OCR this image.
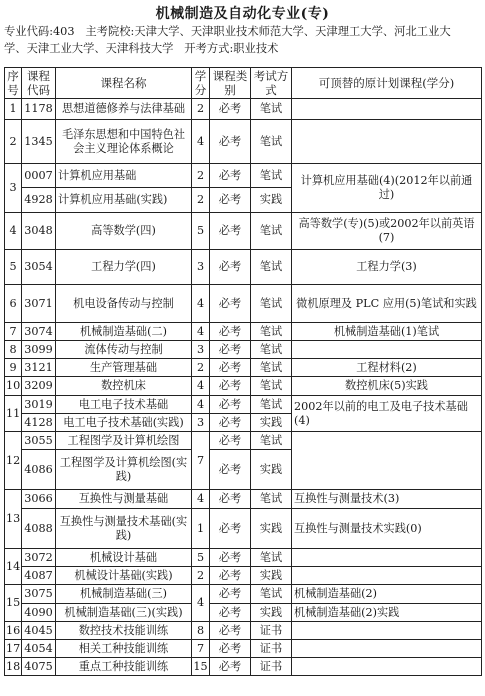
机械制造及自动化专业(专)
专业代码:403 主考院校:天津大学、天津职业技术师范大学、天津理工大学、河北工业大
学、天津工业大学、天津科技大学 开考方式:职业技术
序号	课程代码	课程名称	学分	课程类别	考试方式	可顶替的原计划课程(学分)
1	1178	思想道德修养与法律基础	2	必考	笔试	
2	1345	毛泽东思想和中国特色社会主义理论体系概论	4	必考	笔试	
3	0007	计算机应用基础	2	必考	笔试	计算机应用基础(4)(2012年以前通过)
	4928	计算机应用基础(实践)	2	必考	实践	
4	3048	高等数学(四)	5	必考	笔试	高等数学(专)(5)或2002年以前英语(7)
5	3054	工程力学(四)	3	必考	笔试	工程力学(3)
6	3071	机电设备传动与控制	4	必考	笔试	微机原理及 PLC 应用(5)笔试和实践
7	3074	机械制造基础(二)	4	必考	笔试	机械制造基础(1)笔试
8	3099	流体传动与控制	3	必考	笔试	
9	3121	生产管理基础	2	必考	笔试	工程材料(2)
10	3209	数控机床	4	必考	笔试	数控机床(5)实践
11	3019	电工电子技术基础	4	必考	笔试	2002年以前的电工及电子技术基础(4)
	4128	电工电子技术基础(实践)	3	必考	实践	
12	3055	工程图学及计算机绘图	7	必考	笔试	
	4086	工程图学及计算机绘图(实践)		必考	实践	
13	3066	互换性与测量基础	4	必考	笔试	互换性与测量技术(3)
	4088	互换性与测量技术基础(实践)	1	必考	实践	互换性与测量技术实践(0)
14	3072	机械设计基础	5	必考	笔试	
	4087	机械设计基础(实践)	2	必考	实践	
15	3075	机械制造基础(三)	4	必考	笔试	机械制造基础(2)
	4090	机械制造基础(三)(实践)		必考	实践	机械制造基础(2)实践
16	4045	数控技术技能训练	8	必考	证书	
17	4054	相关工种技能训练	7	必考	证书	
18	4075	重点工种技能训练	15	必考	证书	
